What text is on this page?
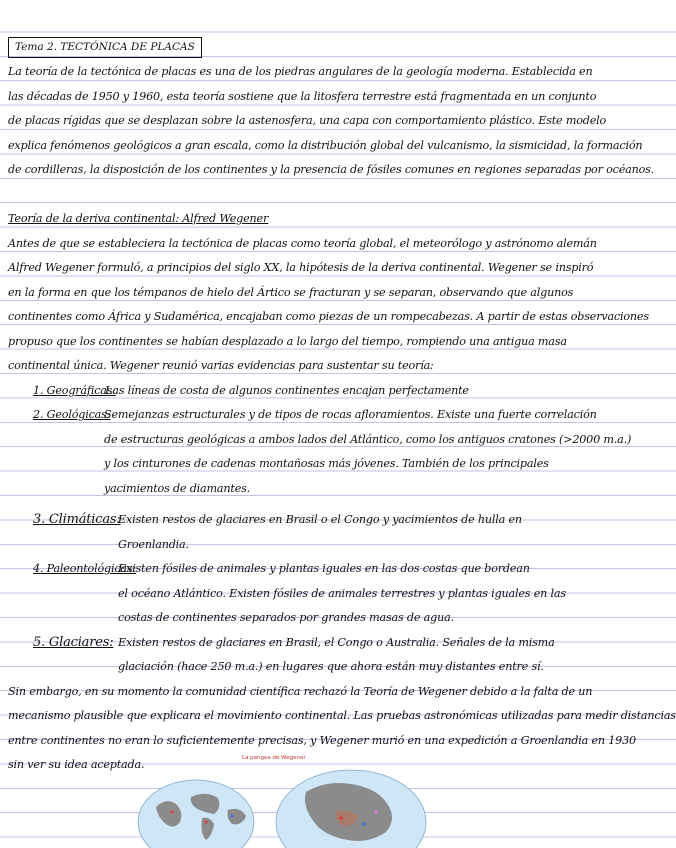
Tema 2. TECTÓNICA DE PLACAS
La teoría de la tectónica de placas es una de los piedras angulares de la geología moderna. Establecida en
las décadas de 1950 y 1960, esta teoría sostiene que la litosfera terrestre está fragmentada en un conjunto
de placas rígidas que se desplazan sobre la astenosfera, una capa con comportamiento plástico. Este modelo
explica fenómenos geológicos a gran escala, como la distribución global del vulcanismo, la sismicidad, la formación
de cordilleras, la disposición de los continentes y la presencia de fósiles comunes en regiones separadas por océanos.
Teoría de la deriva continental: Alfred Wegener
Antes de que se estableciera la tectónica de placas como teoría global, el meteorólogo y astrónomo alemán
Alfred Wegener formuló, a principios del siglo XX, la hipótesis de la deriva continental. Wegener se inspiró
en la forma en que los témpanos de hielo del Ártico se fracturan y se separan, observando que algunos
continentes como África y Sudamérica, encajaban como piezas de un rompecabezas. A partir de estas observaciones
propuso que los continentes se habían desplazado a lo largo del tiempo, rompiendo una antigua masa
continental única. Wegener reunió varias evidencias para sustentar su teoría:
1. Geográficas:
Las líneas de costa de algunos continentes encajan perfectamente
2. Geológicas:
Semejanzas estructurales y de tipos de rocas afloramientos. Existe una fuerte correlación
de estructuras geológicas a ambos lados del Atlántico, como los antiguos cratones (>2000 m.a.)
y los cinturones de cadenas montañosas más jóvenes. También de los principales
yacimientos de diamantes.
3. Climáticas:
Existen restos de glaciares en Brasil o el Congo y yacimientos de hulla en
Groenlandia.
4. Paleontológicas:
Existen fósiles de animales y plantas iguales en las dos costas que bordean
el océano Atlántico. Existen fósiles de animales terrestres y plantas iguales en las
costas de continentes separados por grandes masas de agua.
5. Glaciares: Existen restos de glaciares en Brasil, el Congo o Australia. Señales de la misma
glaciación (hace 250 m.a.) en lugares que ahora están muy distantes entre sí.
Sin embargo, en su momento la comunidad científica rechazó la Teoría de Wegener debido a la falta de un
mecanismo plausible que explicara el movimiento continental. Las pruebas astronómicas utilizadas para medir distancias
entre continentes no eran lo suficientemente precisas, y Wegener murió en una expedición a Groenlandia en 1930
sin ver su idea aceptada.	La pangea de Wegener
